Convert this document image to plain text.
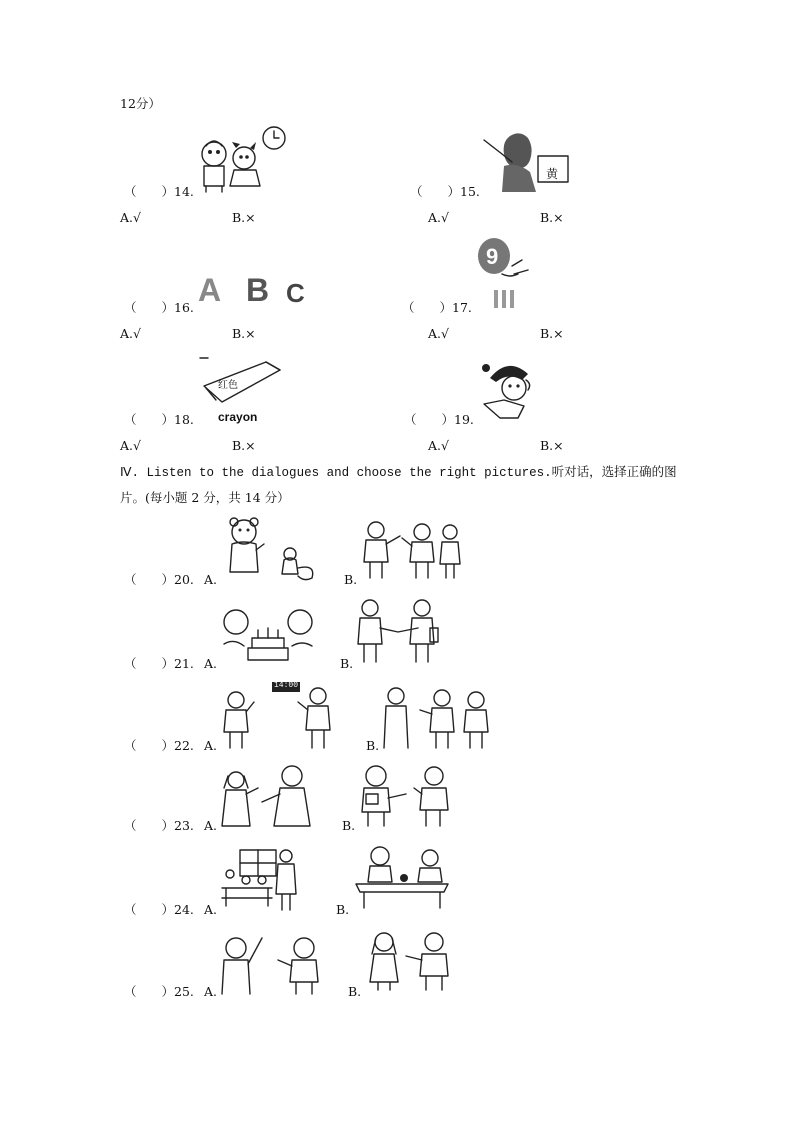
12分）
（　　）14.
A.√	B.×
黄
（　　）15.
A.√	B.×
A B C
（　　）16.
A.√	B.×
9
（　　）17.
A.√	B.×
红色
crayon
（　　）18.
A.√	B.×
（　　）19.
A.√	B.×
Ⅳ. Listen to the dialogues and choose the right pictures.听对话，选择正确的图
片。(每小题 2 分，共 14 分）
（　　）20. A.	B.
（　　）21. A.	B.
14:00
（　　）22. A.	B.
（　　）23. A.	B.
（　　）24. A.	B.
（　　）25. A.	B.
